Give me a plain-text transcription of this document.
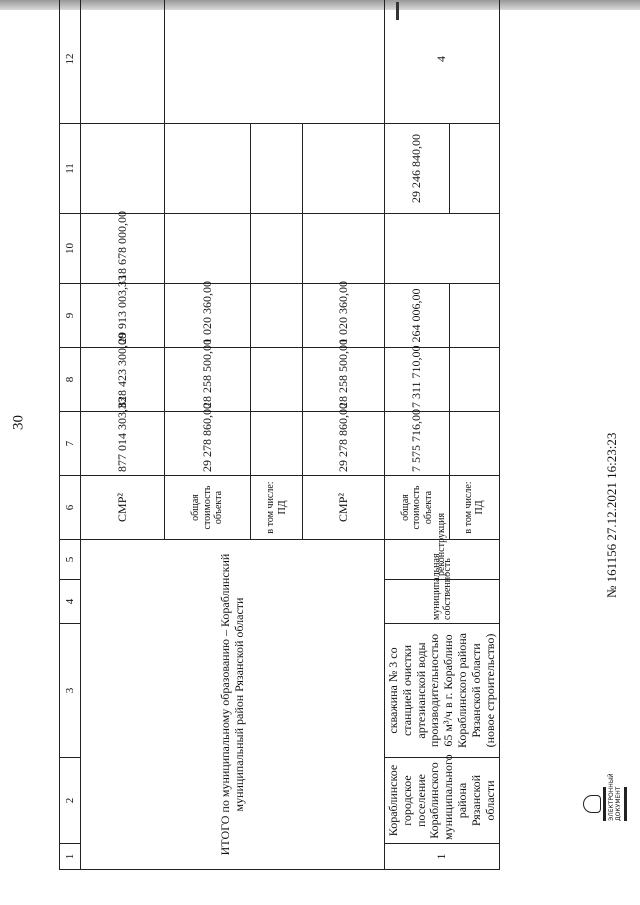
30
1	2	3	4	5	6	7	8	9	10	11	12
ИТОГО по муниципальному образованию – Кораблинский муниципальный район Рязанской области					СМР²	877 014 303,33	828 423 300,00	29 913 003,33	18 678 000,00		
					общая стоимость объекта	29 278 860,00	28 258 500,00	1 020 360,00			
					в том числе: ПД						
					СМР²	29 278 860,00	28 258 500,00	1 020 360,00			
1	Кораблинское городское поселение Кораблинского муниципального района Рязанской области	скважина № 3 со станцией очистки артезианской воды производительностью 65 м³/ч в г. Кораблино Кораблинского района Рязанской области (новое строительство)	муниципальная собственность	реконструкция	общая стоимость объекта	7 575 716,00	7 311 710,00	264 006,00		29 246 840,00	4
					в том числе: ПД							№ 161156 27.12.2021 16:23:23
ЭЛЕКТРОННЫЙ ДОКУМЕНТ
